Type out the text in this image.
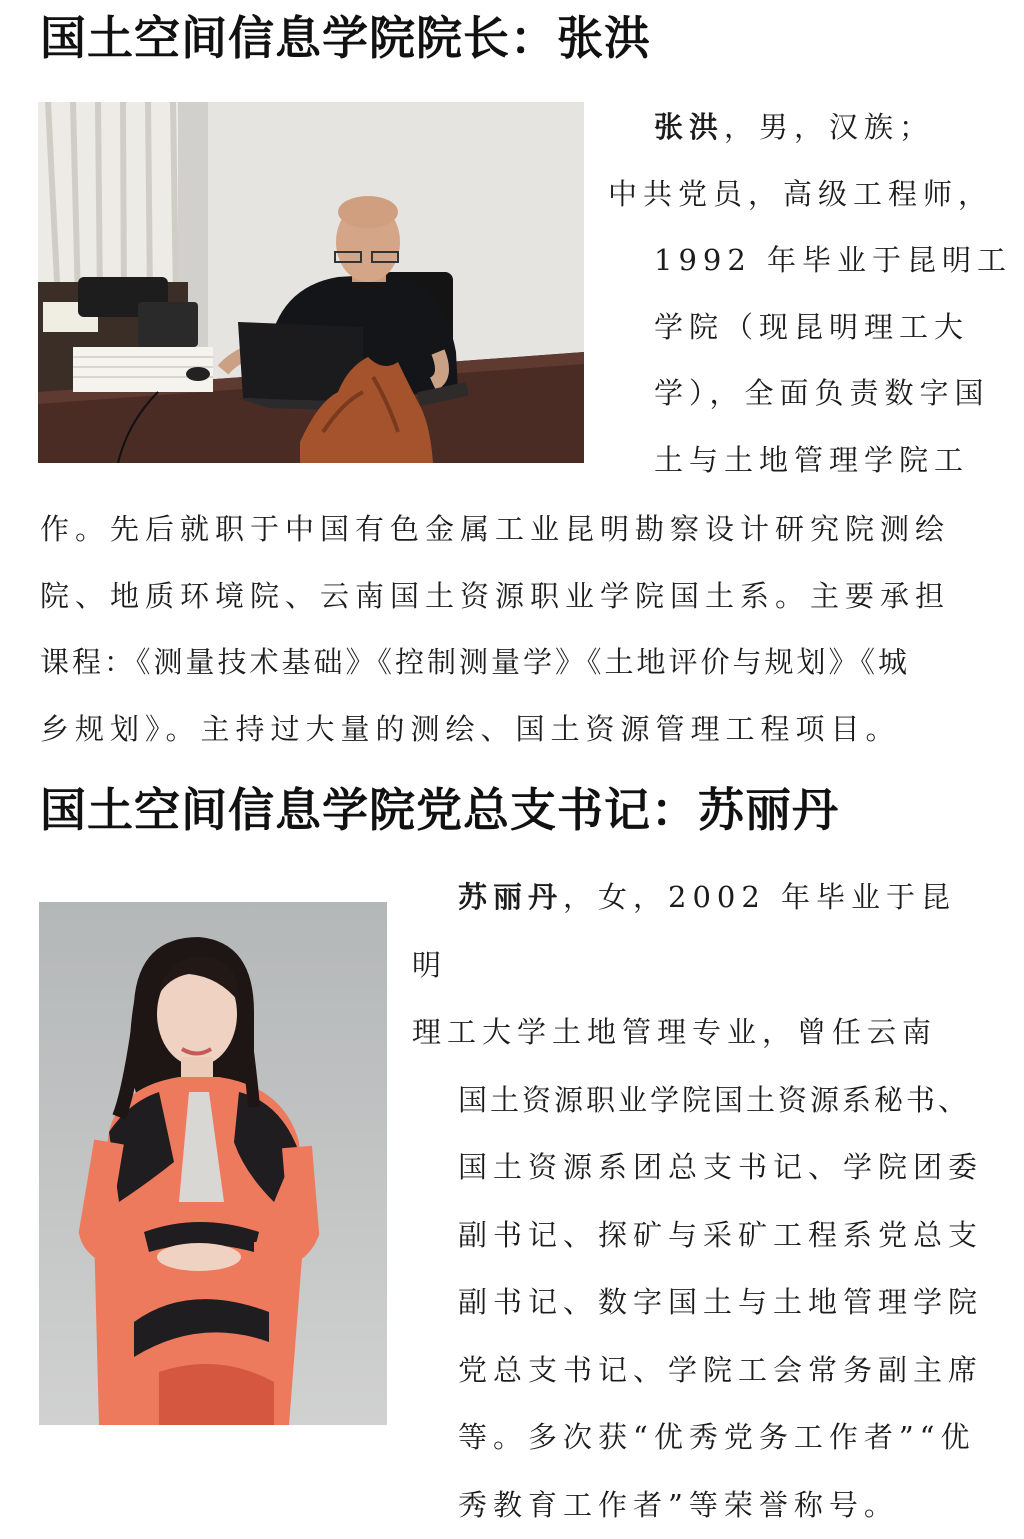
国土空间信息学院院长：张洪

张洪，男，汉族；
中共党员，高级工程师，
1992 年毕业于昆明工
学院（现昆明理工大
学），全面负责数字国
土与土地管理学院工

作。先后就职于中国有色金属工业昆明勘察设计研究院测绘
院、地质环境院、云南国土资源职业学院国土系。主要承担
课程：《测量技术基础》《控制测量学》《土地评价与规划》《城
乡规划》。主持过大量的测绘、国土资源管理工程项目。

国土空间信息学院党总支书记：苏丽丹

苏丽丹，女，2002 年毕业于昆明
理工大学土地管理专业，曾任云南
国土资源职业学院国土资源系秘书、
国土资源系团总支书记、学院团委
副书记、探矿与采矿工程系党总支
副书记、数字国土与土地管理学院
党总支书记、学院工会常务副主席
等。多次获“优秀党务工作者”“优
秀教育工作者”等荣誉称号。
